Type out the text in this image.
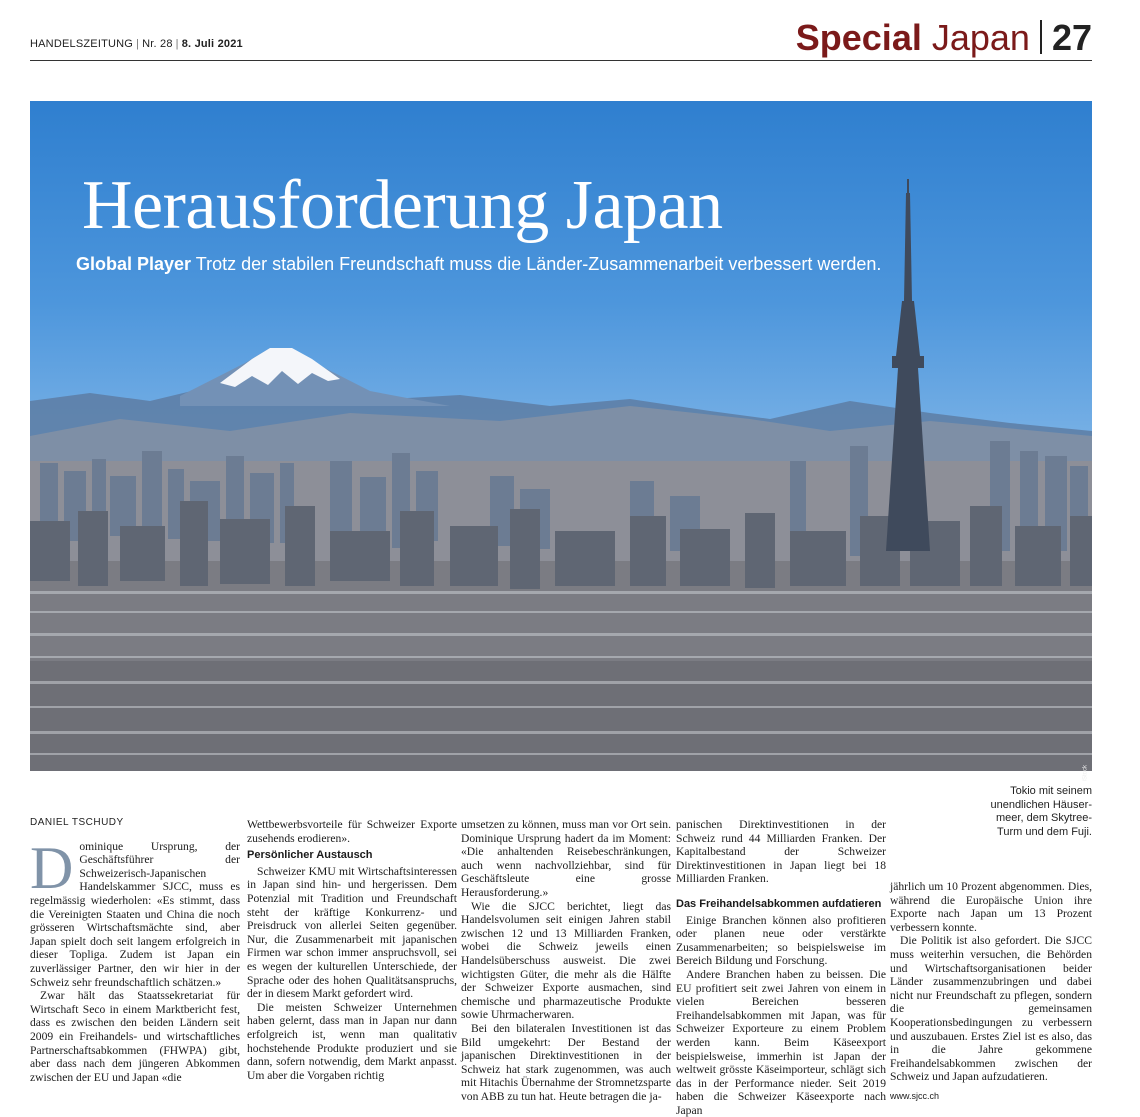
HANDELSZEITUNG | Nr. 28 | 8. Juli 2021	Special Japan 27
Herausforderung Japan
Global Player Trotz der stabilen Freundschaft muss die Länder-Zusammenarbeit verbessert werden.
iStock
Tokio mit seinem unendlichen Häusermeer, dem Skytree-Turm und dem Fuji.
DANIEL TSCHUDY

Dominique Ursprung, der Geschäftsführer der Schweizerisch-Japanischen Handelskammer SJCC, muss es regelmässig wiederholen: «Es stimmt, dass die Vereinigten Staaten und China die noch grösseren Wirtschaftsmächte sind, aber Japan spielt doch seit langem erfolgreich in dieser Topliga. Zudem ist Japan ein zuverlässiger Partner, den wir hier in der Schweiz sehr freundschaftlich schätzen.»

Zwar hält das Staatssekretariat für Wirtschaft Seco in einem Marktbericht fest, dass es zwischen den beiden Ländern seit 2009 ein Freihandels- und wirtschaftliches Partnerschaftsabkommen (FHWPA) gibt, aber dass nach dem jüngeren Abkommen zwischen der EU und Japan «die

Wettbewerbsvorteile für Schweizer Exporte zusehends erodieren».

Persönlicher Austausch

Schweizer KMU mit Wirtschaftsinteressen in Japan sind hin- und hergerissen. Dem Potenzial mit Tradition und Freundschaft steht der kräftige Konkurrenz- und Preisdruck von allerlei Seiten gegenüber. Nur, die Zusammenarbeit mit japanischen Firmen war schon immer anspruchsvoll, sei es wegen der kulturellen Unterschiede, der Sprache oder des hohen Qualitätsanspruchs, der in diesem Markt gefordert wird.

Die meisten Schweizer Unternehmen haben gelernt, dass man in Japan nur dann erfolgreich ist, wenn man qualitativ hochstehende Produkte produziert und sie dann, sofern notwendig, dem Markt anpasst. Um aber die Vorgaben richtig

umsetzen zu können, muss man vor Ort sein. Dominique Ursprung hadert da im Moment: «Die anhaltenden Reisebeschränkungen, auch wenn nachvollziehbar, sind für Geschäftsleute eine grosse Herausforderung.»

Wie die SJCC berichtet, liegt das Handelsvolumen seit einigen Jahren stabil zwischen 12 und 13 Milliarden Franken, wobei die Schweiz jeweils einen Handelsüberschuss ausweist. Die zwei wichtigsten Güter, die mehr als die Hälfte der Schweizer Exporte ausmachen, sind chemische und pharmazeutische Produkte sowie Uhrmacherwaren.

Bei den bilateralen Investitionen ist das Bild umgekehrt: Der Bestand der japanischen Direktinvestitionen in der Schweiz hat stark zugenommen, was auch mit Hitachis Übernahme der Stromnetzsparte von ABB zu tun hat. Heute betragen die ja-

panischen Direktinvestitionen in der Schweiz rund 44 Milliarden Franken. Der Kapitalbestand der Schweizer Direktinvestitionen in Japan liegt bei 18 Milliarden Franken.

Das Freihandelsabkommen aufdatieren

Einige Branchen können also profitieren oder planen neue oder verstärkte Zusammenarbeiten; so beispielsweise im Bereich Bildung und Forschung.

Andere Branchen haben zu beissen. Die EU profitiert seit zwei Jahren von einem in vielen Bereichen besseren Freihandelsabkommen mit Japan, was für Schweizer Exporteure zu einem Problem werden kann. Beim Käseexport beispielsweise, immerhin ist Japan der weltweit grösste Käseimporteur, schlägt sich das in der Performance nieder. Seit 2019 haben die Schweizer Käseexporte nach Japan

jährlich um 10 Prozent abgenommen. Dies, während die Europäische Union ihre Exporte nach Japan um 13 Prozent verbessern konnte.

Die Politik ist also gefordert. Die SJCC muss weiterhin versuchen, die Behörden und Wirtschaftsorganisationen beider Länder zusammenzubringen und dabei nicht nur Freundschaft zu pflegen, sondern die gemeinsamen Kooperationsbedingungen zu verbessern und auszubauen. Erstes Ziel ist es also, das in die Jahre gekommene Freihandelsabkommen zwischen der Schweiz und Japan aufzudatieren.

www.sjcc.ch
